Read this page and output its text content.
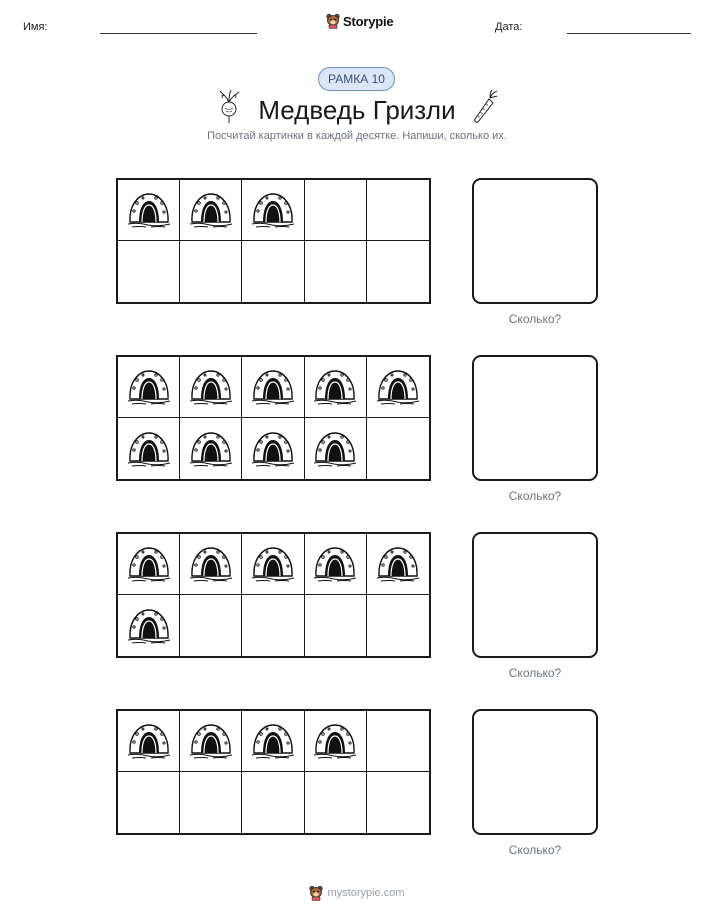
Имя:	Storypie	Дата:
РАМКА 10
Медведь Гризли
Посчитай картинки в каждой десятке. Напиши, сколько их.
Сколько?
Сколько?
Сколько?
Сколько?
mystorypie.com
